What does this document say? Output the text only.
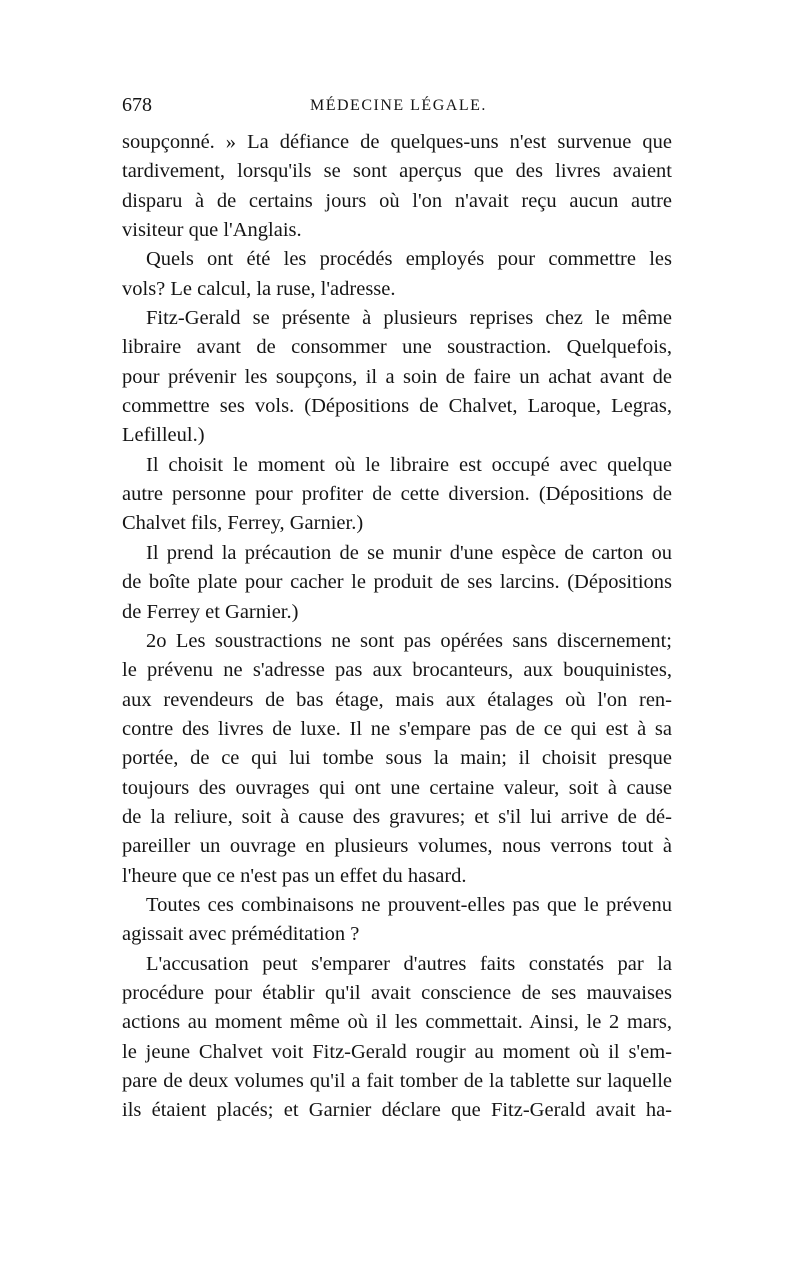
678	MÉDECINE LÉGALE.
soupçonné. » La défiance de quelques-uns n'est survenue que
tardivement, lorsqu'ils se sont aperçus que des livres avaient
disparu à de certains jours où l'on n'avait reçu aucun autre
visiteur que l'Anglais.
Quels ont été les procédés employés pour commettre les
vols? Le calcul, la ruse, l'adresse.
Fitz-Gerald se présente à plusieurs reprises chez le même
libraire avant de consommer une soustraction. Quelquefois,
pour prévenir les soupçons, il a soin de faire un achat avant de
commettre ses vols. (Dépositions de Chalvet, Laroque, Legras,
Lefilleul.)
Il choisit le moment où le libraire est occupé avec quelque
autre personne pour profiter de cette diversion. (Dépositions de
Chalvet fils, Ferrey, Garnier.)
Il prend la précaution de se munir d'une espèce de carton ou
de boîte plate pour cacher le produit de ses larcins. (Dépositions
de Ferrey et Garnier.)
2o Les soustractions ne sont pas opérées sans discernement;
le prévenu ne s'adresse pas aux brocanteurs, aux bouquinistes,
aux revendeurs de bas étage, mais aux étalages où l'on ren-
contre des livres de luxe. Il ne s'empare pas de ce qui est à sa
portée, de ce qui lui tombe sous la main; il choisit presque
toujours des ouvrages qui ont une certaine valeur, soit à cause
de la reliure, soit à cause des gravures; et s'il lui arrive de dé-
pareiller un ouvrage en plusieurs volumes, nous verrons tout à
l'heure que ce n'est pas un effet du hasard.
Toutes ces combinaisons ne prouvent-elles pas que le prévenu
agissait avec préméditation ?
L'accusation peut s'emparer d'autres faits constatés par la
procédure pour établir qu'il avait conscience de ses mauvaises
actions au moment même où il les commettait. Ainsi, le 2 mars,
le jeune Chalvet voit Fitz-Gerald rougir au moment où il s'em-
pare de deux volumes qu'il a fait tomber de la tablette sur laquelle
ils étaient placés; et Garnier déclare que Fitz-Gerald avait ha-
